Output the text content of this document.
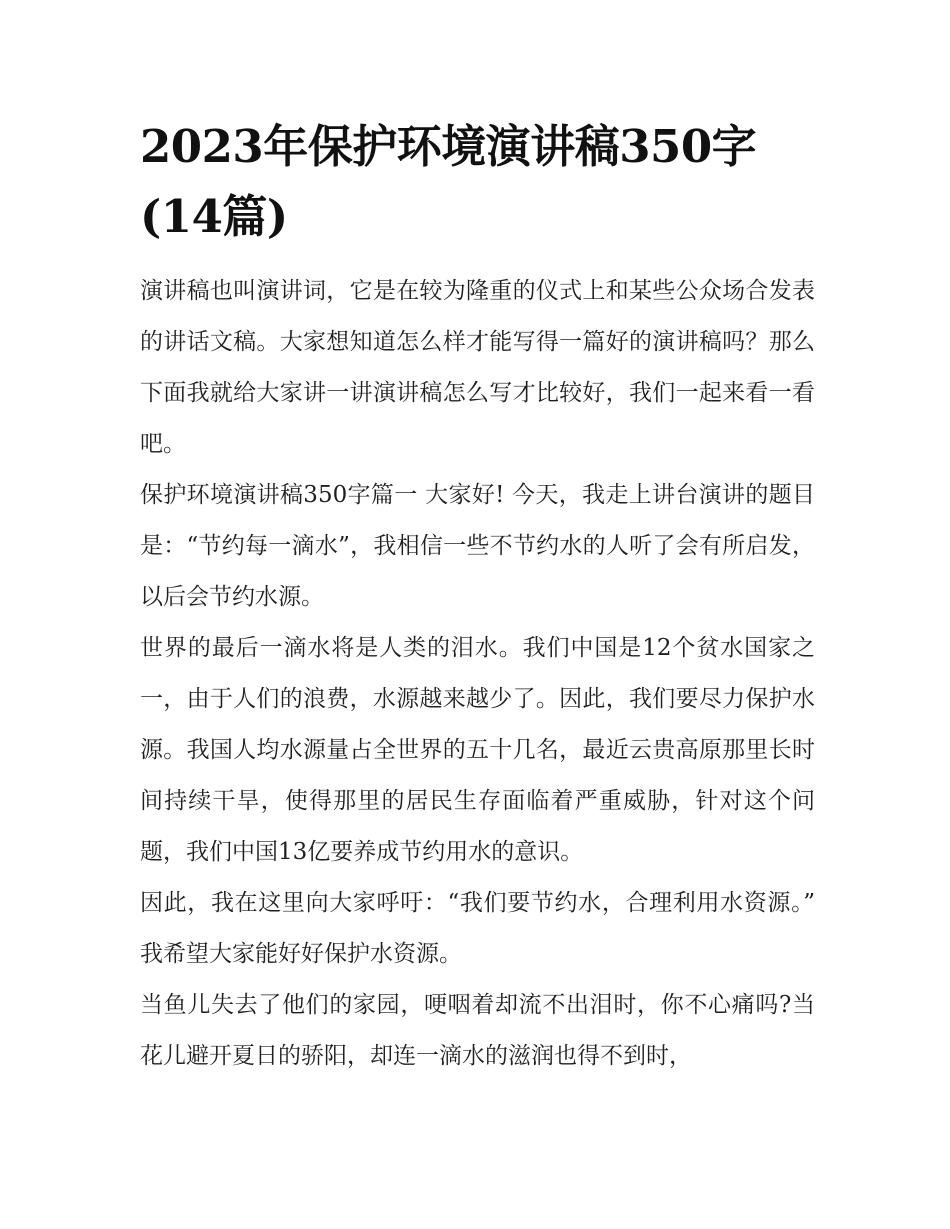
2023年保护环境演讲稿350字(14篇)

演讲稿也叫演讲词，它是在较为隆重的仪式上和某些公众场合发表的讲话文稿。大家想知道怎么样才能写得一篇好的演讲稿吗？那么下面我就给大家讲一讲演讲稿怎么写才比较好，我们一起来看一看吧。

保护环境演讲稿350字篇一 大家好! 今天，我走上讲台演讲的题目是：“节约每一滴水”，我相信一些不节约水的人听了会有所启发，以后会节约水源。

世界的最后一滴水将是人类的泪水。我们中国是12个贫水国家之一，由于人们的浪费，水源越来越少了。因此，我们要尽力保护水源。我国人均水源量占全世界的五十几名，最近云贵高原那里长时间持续干旱，使得那里的居民生存面临着严重威胁，针对这个问题，我们中国13亿要养成节约用水的意识。

因此，我在这里向大家呼吁：“我们要节约水，合理利用水资源。” 我希望大家能好好保护水资源。

当鱼儿失去了他们的家园，哽咽着却流不出泪时，你不心痛吗?当花儿避开夏日的骄阳，却连一滴水的滋润也得不到时，
